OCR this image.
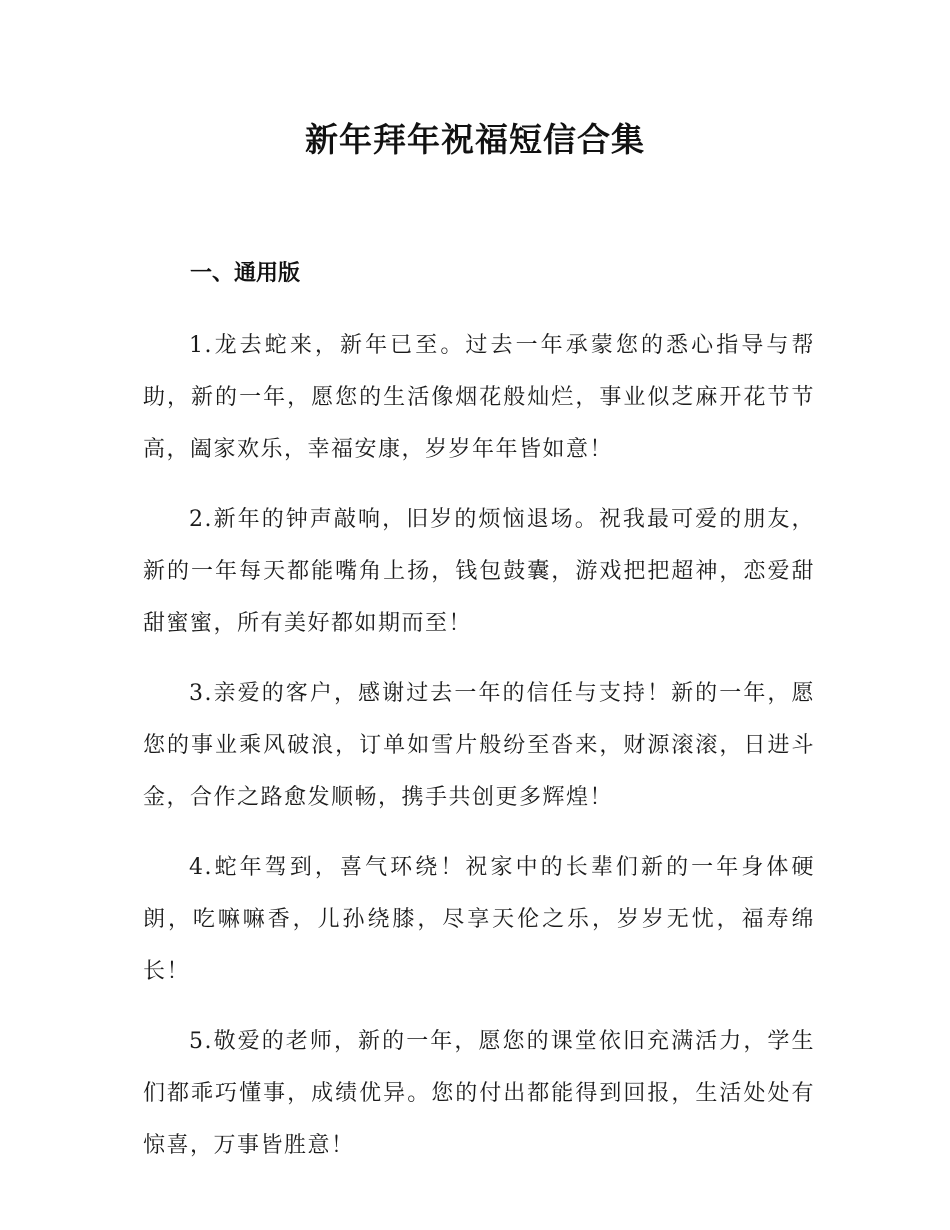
新年拜年祝福短信合集
一、通用版

1.龙去蛇来，新年已至。过去一年承蒙您的悉心指导与帮助，新的一年，愿您的生活像烟花般灿烂，事业似芝麻开花节节高，阖家欢乐，幸福安康，岁岁年年皆如意！

2.新年的钟声敲响，旧岁的烦恼退场。祝我最可爱的朋友，新的一年每天都能嘴角上扬，钱包鼓囊，游戏把把超神，恋爱甜甜蜜蜜，所有美好都如期而至！

3.亲爱的客户，感谢过去一年的信任与支持！新的一年，愿您的事业乘风破浪，订单如雪片般纷至沓来，财源滚滚，日进斗金，合作之路愈发顺畅，携手共创更多辉煌！

4.蛇年驾到，喜气环绕！祝家中的长辈们新的一年身体硬朗，吃嘛嘛香，儿孙绕膝，尽享天伦之乐，岁岁无忧，福寿绵长！

5.敬爱的老师，新的一年，愿您的课堂依旧充满活力，学生们都乖巧懂事，成绩优异。您的付出都能得到回报，生活处处有惊喜，万事皆胜意！
